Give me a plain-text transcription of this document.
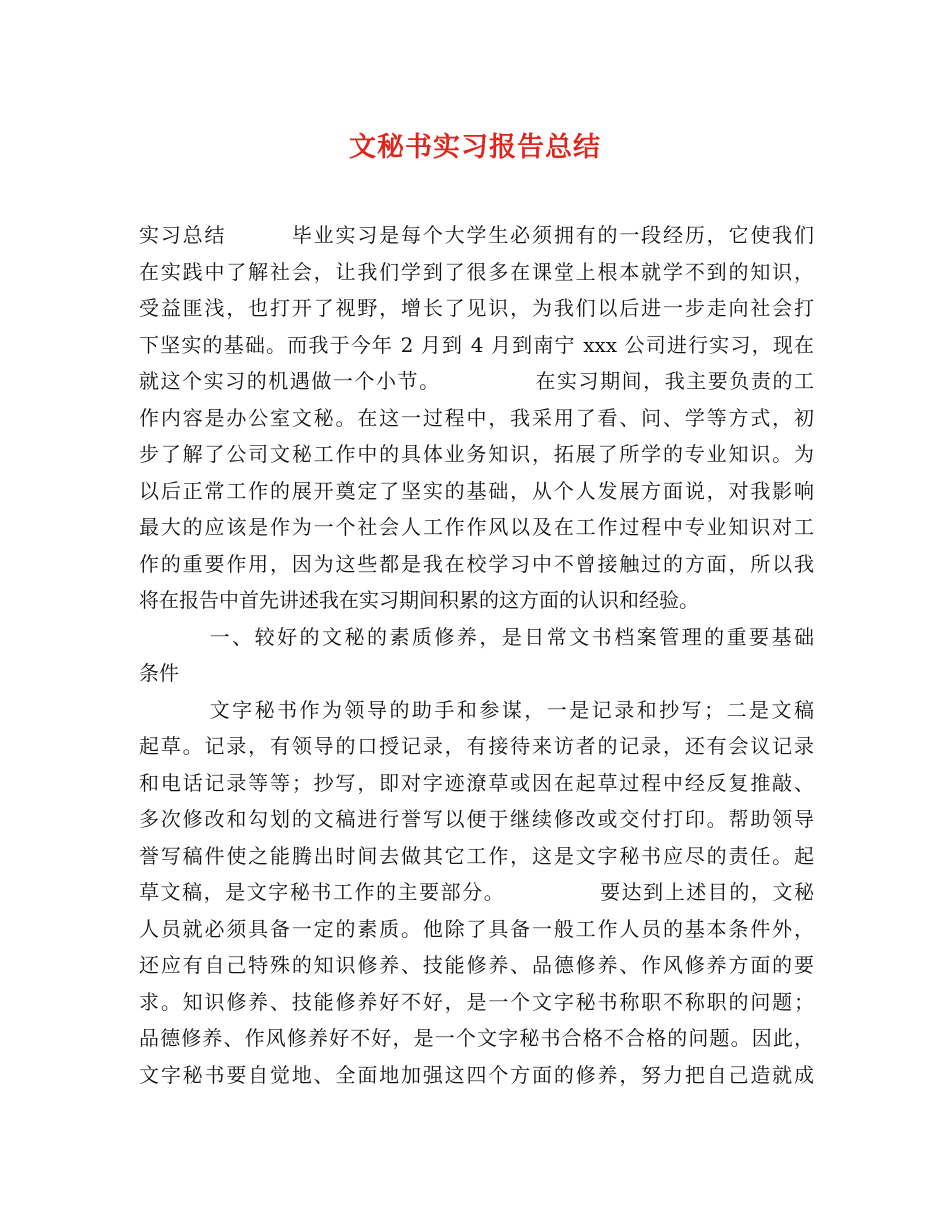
文秘书实习报告总结
实习总结        毕业实习是每个大学生必须拥有的一段经历，它使我们
在实践中了解社会，让我们学到了很多在课堂上根本就学不到的知识，
受益匪浅，也打开了视野，增长了见识，为我们以后进一步走向社会打
下坚实的基础。而我于今年 2 月到 4 月到南宁 xxx 公司进行实习，现在
就这个实习的机遇做一个小节。            在实习期间，我主要负责的工
作内容是办公室文秘。在这一过程中，我采用了看、问、学等方式，初
步了解了公司文秘工作中的具体业务知识，拓展了所学的专业知识。为
以后正常工作的展开奠定了坚实的基础，从个人发展方面说，对我影响
最大的应该是作为一个社会人工作作风以及在工作过程中专业知识对工
作的重要作用，因为这些都是我在校学习中不曾接触过的方面，所以我
将在报告中首先讲述我在实习期间积累的这方面的认识和经验。
一、较好的文秘的素质修养，是日常文书档案管理的重要基础
条件
文字秘书作为领导的助手和参谋，一是记录和抄写；二是文稿
起草。记录，有领导的口授记录，有接待来访者的记录，还有会议记录
和电话记录等等；抄写，即对字迹潦草或因在起草过程中经反复推敲、
多次修改和勾划的文稿进行誉写以便于继续修改或交付打印。帮助领导
誉写稿件使之能腾出时间去做其它工作，这是文字秘书应尽的责任。起
草文稿，是文字秘书工作的主要部分。            要达到上述目的，文秘
人员就必须具备一定的素质。他除了具备一般工作人员的基本条件外，
还应有自己特殊的知识修养、技能修养、品德修养、作风修养方面的要
求。知识修养、技能修养好不好，是一个文字秘书称职不称职的问题；
品德修养、作风修养好不好，是一个文字秘书合格不合格的问题。因此，
文字秘书要自觉地、全面地加强这四个方面的修养，努力把自己造就成
